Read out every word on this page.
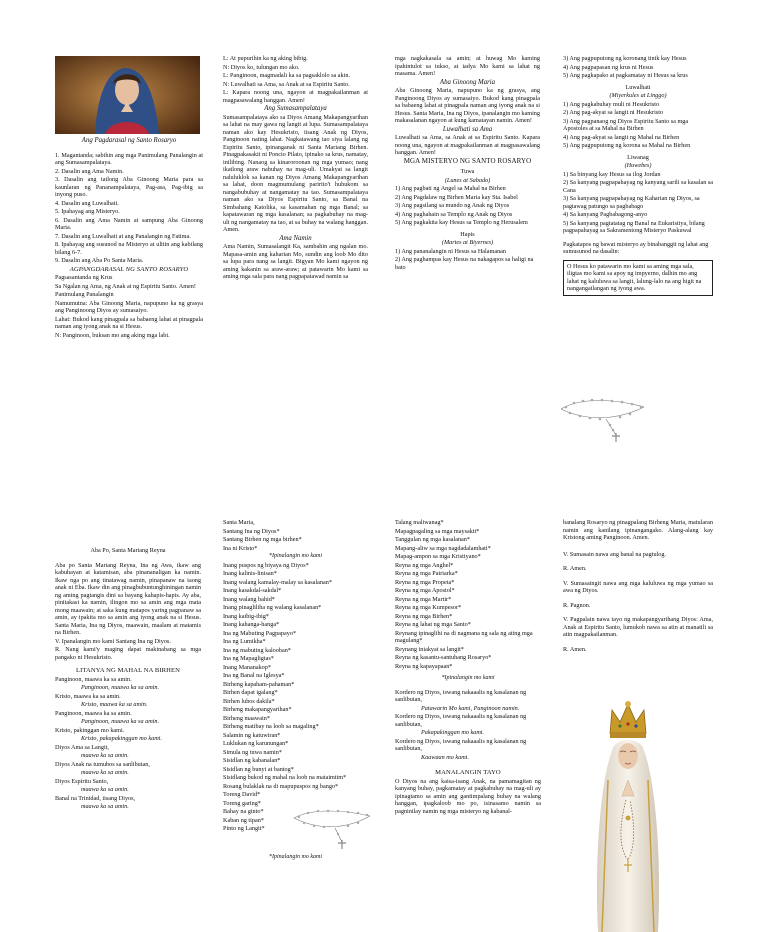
Ang Pagdarasal ng Santo Rosaryo

1. Magantanda; sabihin ang mga Panimulang Panalangin at ang Sumasampalataya.

2. Dasalin ang Ama Namin.

3. Dasalin ang tatlong Aba Ginoong Maria para sa kaunlaran ng Pananampalataya, Pag-asa, Pag-ibig sa inyong puso.

4. Dasalin ang Luwalhati.

5. Ipahayag ang Misteryo.

6. Dasalin ang Ama Namin at sampung Aba Ginoong Maria.

7. Dasalin ang Luwalhati at ang Panalangin ng Fatima.

8. Ipahayag ang susunod na Misteryo at ulitin ang kabilang bilang 6-7.

9. Dasalin ang Aba Po Santa Maria.

AGPANGDARASAL NG SANTO ROSARYO

Pagsasantanda ng Krus

Sa Ngalan ng Ama, ng Anak at ng Espiritu Santo. Amen!

Panimulang Panalangin

Namumutna: Aba Ginoong Maria, napupuno ka ng grasya ang Panginoong Diyos ay sumasaiyo.

Lahat: Bukod kang pinagpala sa babaeng lahat at pinagpala naman ang iyong anak na si Hesus.

N: Panginoon, buksan mo ang aking mga labi.

L: At pupurihin ka ng aking bibig.

N: Diyos ko, tulungan mo ako.

L: Panginoon, magmadali ka sa pagsaklolo sa akin.

N: Luwalhati sa Ama, sa Anak at sa Espiritu Santo.

L: Kapara noong una, ngayon at magpakailanman at magpasawalang hanggan. Amen!

Ang Sumasampalataya

Sumasampalataya ako sa Diyos Amang Makapangyarihan sa lahat na may gawa ng langit at lupa. Sumasampalataya naman ako kay Hesukristo, iisang Anak ng Diyos, Panginoon nating lahat. Nagkatawang tao siya lalang ng Espiritu Santo, ipinanganak ni Santa Mariang Birhen. Pinagpakasakit ni Poncio Pilato, ipinako sa krus, namatay, inilibing. Nanaog sa kinaroroonan ng mga yumao; nang ikatlong araw nabuhay na mag-uli. Umakyat sa langit naluluklok sa kanan ng Diyos Amang Makapangyarihan sa lahat, doon magmumulang paririto't huhukom sa nangabubuhay at nangamatay na tao. Sumasampalataya naman ako sa Diyos Espiritu Santo, sa Banal na Simbahang Katolika, sa kasamahan ng mga Banal; sa kapatawaran ng mga kasalanan; sa pagkabuhay na mag-uli ng nangamatay na tao, at sa buhay na walang hanggan. Amen.

Ama Namin

Ama Namin, Sumasalangit Ka, sambahin ang ngalan mo. Mapasa-amin ang kaharian Mo, sundin ang loob Mo dito sa lupa para nang sa langit. Bigyan Mo kami ngayon ng aming kakanin sa araw-araw; at patawarin Mo kami sa aming mga sala para nang pagpapatawad namin sa

mga nagkakasala sa amin; at huwag Mo kaming ipahintulot sa tukso, at iadya Mo kami sa lahat ng masama. Amen!

Aba Ginoong Maria

Aba Ginoong Maria, napupuno ka ng grasya, ang Panginoong Diyos ay sumasaiyo. Bukod kang pinagpala sa babaeng lahat at pinagpala naman ang iyong anak na si Hesus. Santa Maria, Ina ng Diyos, ipanalangin mo kaming makasalanan ngayon at kung kamatayan namin. Amen!

Luwalhati sa Ama

Luwalhati sa Ama, sa Anak at sa Espiritu Santo. Kapara noong una, ngayon at magpakailanman at magpasawalang hanggan. Amen!

MGA MISTERYO NG SANTO ROSARYO

Tuwa

(Lunes at Sabado)

1) Ang pagbati ng Angel sa Mahal na Birhen

2) Ang Pagdalaw ng Birhen Maria kay Sta. Isabel

3) Ang pagsilang sa mundo ng Anak ng Diyos

4) Ang paghahain sa Templo ng Anak ng Diyos

5) Ang pagkakita kay Hesus sa Templo ng Herusalem

Hapis

(Martes at Biyernes)

1) Ang pananalangin ni Hesus sa Halamanan

2) Ang paghampas kay Hesus na nakagapos sa haligi na bato

3) Ang pagpuputong ng koronang tinik kay Hesus

4) Ang pagpapasan ng krus ni Hesus

5) Ang pagkapako at pagkamatay ni Hesus sa krus

Luwalhati

(Miyerkules at Linggo)

1) Ang pagkabuhay muli ni Hesukristo

2) Ang pag-akyat sa langit ni Hesukristo

3) Ang pagpanaog ng Diyos Espiritu Santo sa mga Apostoles at sa Mahal na Birhen

4) Ang pag-akyat sa langit ng Mahal na Birhen

5) Ang pagpuputong ng korona sa Mahal na Birhen

Liwanag

(Huwebes)

1) Sa binyang kay Hesus sa ilog Jordan

2) Sa kanyang pagpapahayag ng kanyang sarili sa kasalan sa Cana

3) Sa kanyang pagpapahayag ng Kaharian ng Diyos, sa pagtawag patungo sa pagbabago

4) Sa kanyang Pagbabagong-anyo

5) Sa kanyang pagtatatag ng Banal na Eukaristiya, bilang pagpapahayag sa Sakramentong Misteryo Paskuwal

Pagkatapos ng bawat misteryo ay binabanggit ng lahat ang sumusunod na dasalin:

O Hesus ko patawarin mo kami sa aming mga sala, iligtas mo kami sa apoy ng impyerno, dalhin mo ang lahat ng kaluluwa sa langit, lalung-lalo na ang higit na nangangailangan ng iyong awa.

Aba Po, Santa Mariang Reyna

Aba po Santa Mariang Reyna, Ina ng Awa, ikaw ang kabuhayan at katamisan, aba pinananaligan ka namin. Ikaw nga po ang tinatawag namin, pinapanaw na taong anak ni Eba. Ikaw din ang pinagbubuntunghiningan namin ng aming pagtangis dini sa bayang kahapis-hapis. Ay aba, pinitakasi ka namin, ilingon mo sa amin ang mga mata mong maawain; at saka kung matapos yaring pagpanaw sa amin, ay ipakita mo sa amin ang iyong anak na si Hesus. Santa Maria, Ina ng Diyos, maawain, maalam at matamis na Birhen.

V. Ipanalangin mo kami Santang Ina ng Diyos.

R. Nang kami'y maging dapat makinabang sa mga pangako ni Hesukristo.

LITANYA NG MAHAL NA BIRHEN

Panginoon, maawa ka sa amin.

Panginoon, maawa ka sa amin.

Kristo, maawa ka sa amin.

Kristo, maawa ka sa amin.

Panginoon, maawa ka sa amin.

Panginoon, maawa ka sa amin.

Kristo, pakinggan mo kami.

Kristo, pakapakinggan mo kami.

Diyos Ama sa Langit,

maawa ka sa amin.

Diyos Anak na tumubos sa sanlibutan,

maawa ka sa amin.

Diyos Espiritu Santo,

maawa ka sa amin.

Banal na Trinidad, iisang Diyos,

maawa ka sa amin.

Santa Maria,

Santang Ina ng Diyos*

Santang Birhen ng mga birhen*

Ina ni Kristo*

*Ipinalangin mo kami

Inang puspos ng biyaya ng Diyos*

Inang kalinis-linisan*

Inang walang kamalay-malay sa kasalanan*

Inang kasakdal-sakdal*

Inang walang bahid*

Inang pinagliliha ng walang kasalanan*

Inang kaibig-ibig*

Inang kahanga-hanga*

Ina ng Mabuting Pagpapayo*

Ina ng Lumikha*

Ina ng mabuting kalooban*

Ina ng Mapagligtas*

Inang Mananakop*

Ina ng Banal na Iglesya*

Birheng kapaham-pahaman*

Birhen dapat igalang*

Birhen lubos dakila*

Birheng makapangyarihan*

Birheng maawain*

Birheng matibay na loob sa magaling*

Salamin ng katuwiran*

Luklukan ng karunungan*

Simula ng tuwa namin*

Sisidlan ng kabanalan*

Sisidlan ng bunyi at bantog*

Sisidlang bukod ng mahal na loob na mataimtim*

Rosang bulaklak na di mapupuspos ng bango*

Toreng David*

Toreng garing*

Bahay na ginto*

Kaban ng tipan*

Pinto ng Langit*

*Ipinalangin mo kami

Talang maliwanag*

Mapagpagaling sa mga maysakit*

Tanggulan ng mga kasalanan*

Mapang-aliw sa mga nagdadalamhati*

Mapag-ampon sa mga Kristiyano*

Reyna ng mga Anghel*

Reyna ng mga Patriarka*

Reyna ng mga Propeta*

Reyna ng mga Apostol*

Reyna ng mga Martir*

Reyna ng mga Kumpesor*

Reyna ng mga Birhen*

Reyna ng lahat ng mga Santo*

Reynang ipinaglihi na di nagmana ng sala ng ating mga magulang*

Reynang iniakyat sa langit*

Reyna ng kasantu-santuhang Rosaryo*

Reyna ng kapayapaan*

*Ipinalangin mo kami

Kordero ng Diyos, iswang nakaaalis ng kasalanan ng sanlibutan,

Patawarin Mo kami, Panginoon namin.

Kordero ng Diyos, iswang nakaaalis ng kasalanan ng sanlibutan,

Pakapakinggan mo kami.

Kordero ng Diyos, iswang nakaaalis ng kasalanan ng sanlibutan,

Kaawaan mo kami.

MANALANGIN TAYO

O Diyos na ang kaisa-isang Anak, na pamamagitan ng kanyang buhay, pagkamatay at pagkabuhay na mag-uli ay ipinagtamo sa amin ang gantimpalang buhay na walang hanggan, ipagkaloob mo po, isinasamo namin sa pagninilay namin ng mga misteryo ng kabanal-

banalang Rosaryo ng pinagpalang Birheng Maria, matularan namin ang kanilang ipinangangako. Alang-alang kay Kristong aming Panginoon. Amen.

V. Sumasain nawa ang banal na pagtulog.

R. Amen.

V. Sumasaingit nawa ang mga kaluluwa ng mga yumao sa awa ng Diyos.

R. Pagnon.

V. Pagpalain nawa tayo ng makapangyarihang Diyos: Ama, Anak at Espiritu Santo, lumukob nawa sa atin at manatili sa atin magpakailanman.

R. Amen.
